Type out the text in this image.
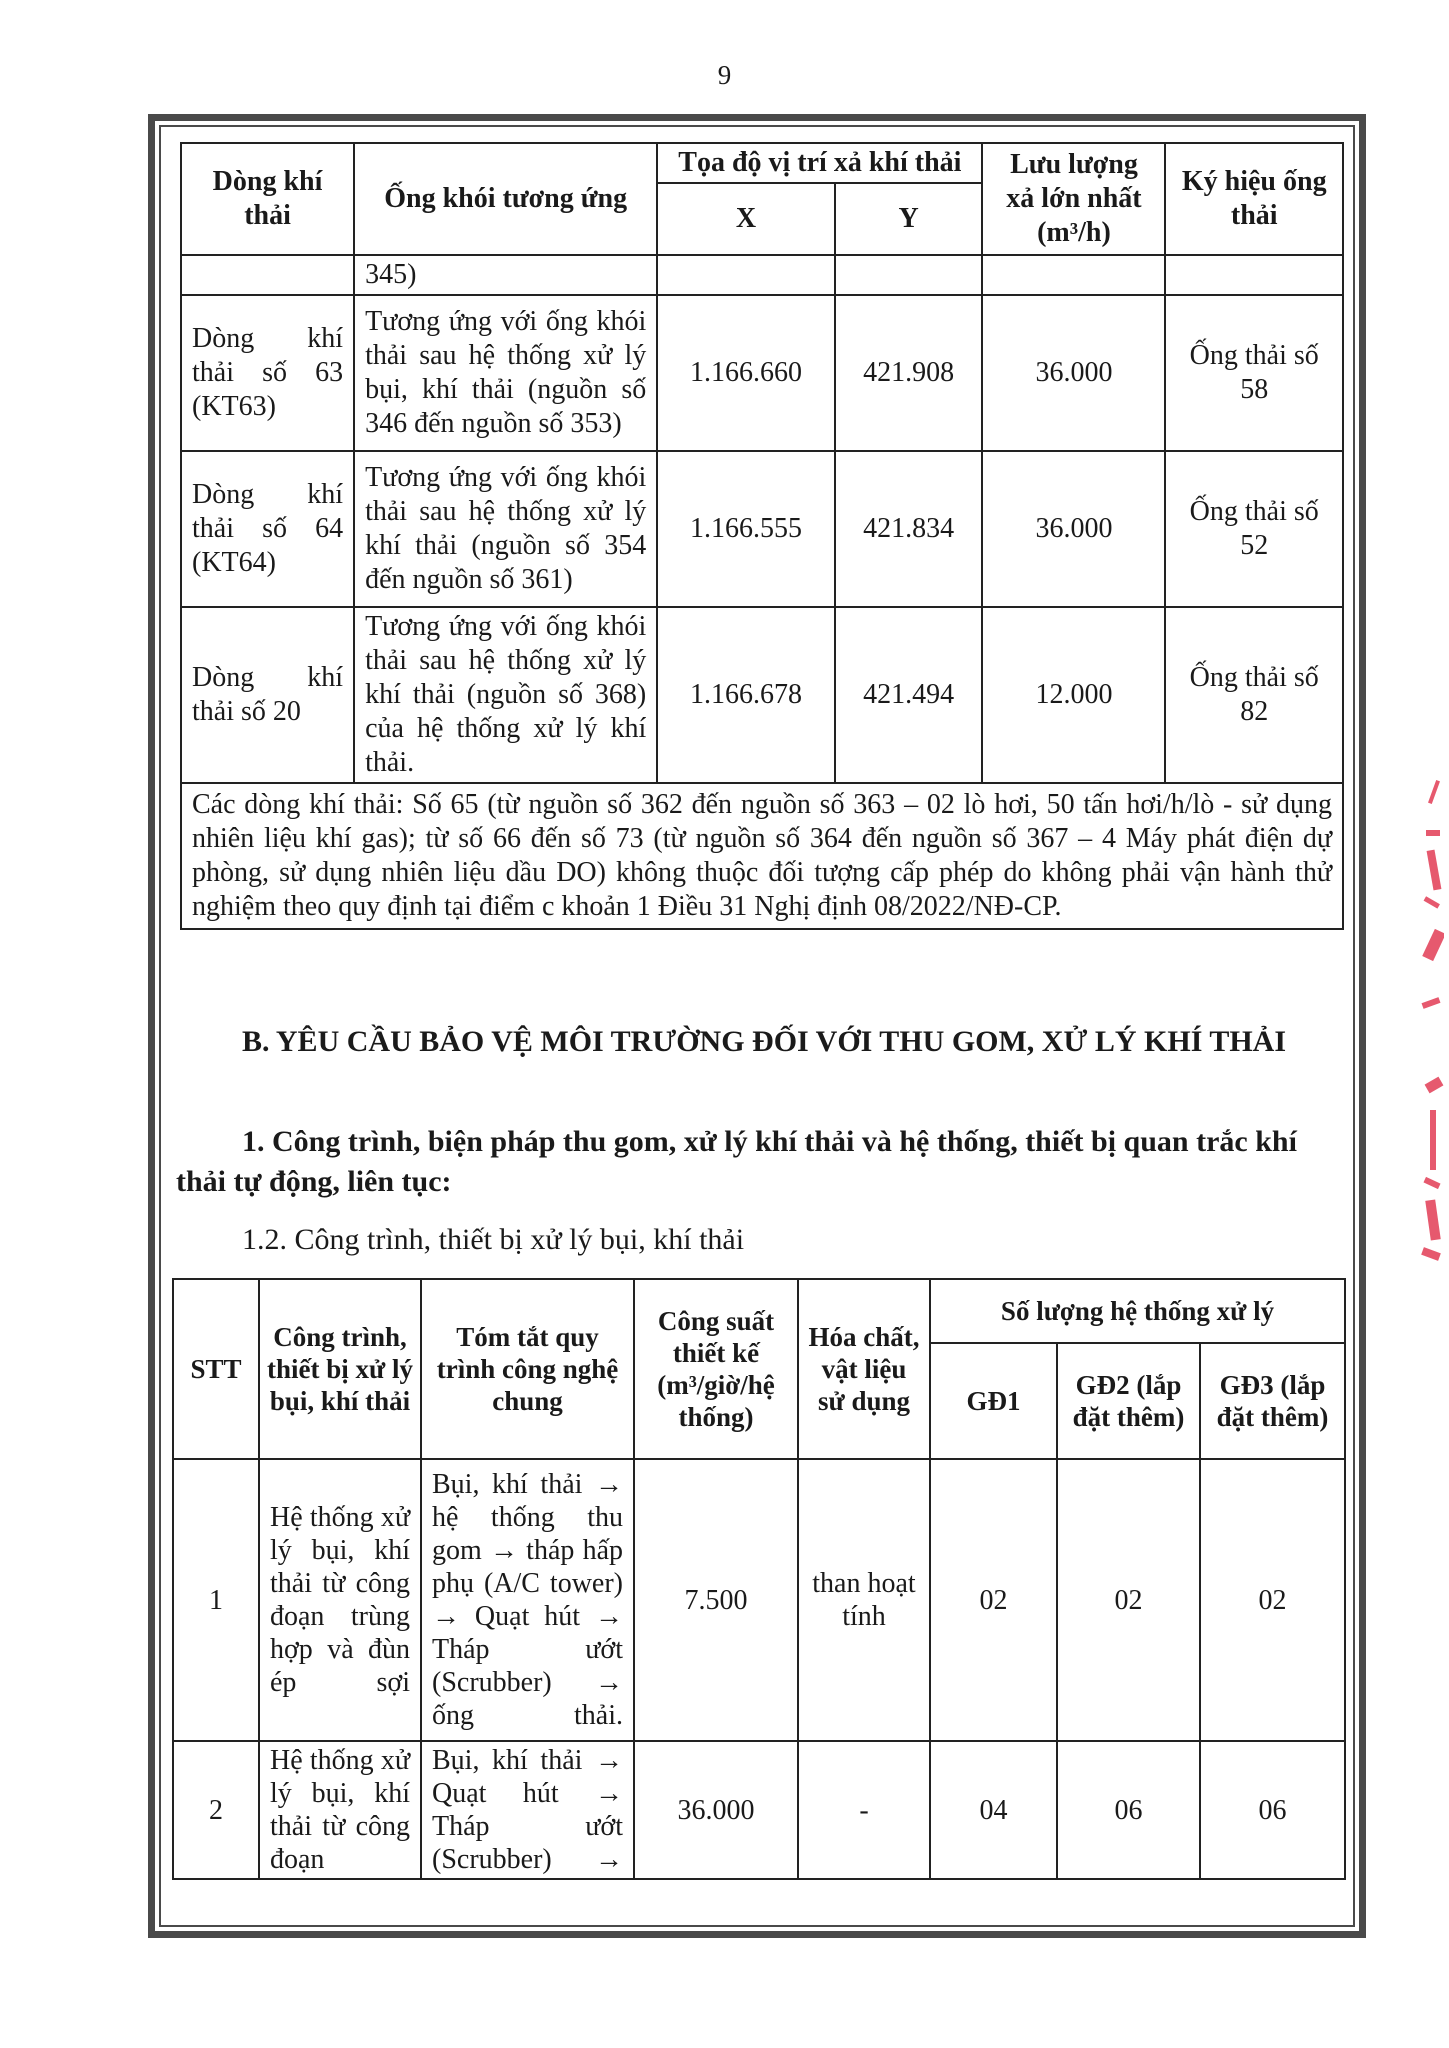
9
Dòng khí thải	Ống khói tương ứng	Tọa độ vị trí xả khí thải		Lưu lượng xả lớn nhất (m³/h)	Ký hiệu ống thải
		X	Y		
	345)				
Dòng khí thải số 63 (KT63)	Tương ứng với ống khói thải sau hệ thống xử lý bụi, khí thải (nguồn số 346 đến nguồn số 353)	1.166.660	421.908	36.000	Ống thải số 58
Dòng khí thải số 64 (KT64)	Tương ứng với ống khói thải sau hệ thống xử lý khí thải (nguồn số 354 đến nguồn số 361)	1.166.555	421.834	36.000	Ống thải số 52
Dòng khí thải số 20	Tương ứng với ống khói thải sau hệ thống xử lý khí thải (nguồn số 368) của hệ thống xử lý khí thải.	1.166.678	421.494	12.000	Ống thải số 82
Các dòng khí thải: Số 65 (từ nguồn số 362 đến nguồn số 363 – 02 lò hơi, 50 tấn hơi/h/lò - sử dụng nhiên liệu khí gas); từ số 66 đến số 73 (từ nguồn số 364 đến nguồn số 367 – 4 Máy phát điện dự phòng, sử dụng nhiên liệu dầu DO) không thuộc đối tượng cấp phép do không phải vận hành thử nghiệm theo quy định tại điểm c khoản 1 Điều 31 Nghị định 08/2022/NĐ-CP.					
B. YÊU CẦU BẢO VỆ MÔI TRƯỜNG ĐỐI VỚI THU GOM, XỬ LÝ KHÍ THẢI
1. Công trình, biện pháp thu gom, xử lý khí thải và hệ thống, thiết bị quan trắc khí thải tự động, liên tục:
1.2. Công trình, thiết bị xử lý bụi, khí thải
STT	Công trình, thiết bị xử lý bụi, khí thải	Tóm tắt quy trình công nghệ chung	Công suất thiết kế (m³/giờ/hệ thống)	Hóa chất, vật liệu sử dụng	Số lượng hệ thống xử lý		
					GĐ1	GĐ2 (lắp đặt thêm)	GĐ3 (lắp đặt thêm)
1	Hệ thống xử lý bụi, khí thải từ công đoạn trùng hợp và đùn ép sợi	Bụi, khí thải → hệ thống thu gom → tháp hấp phụ (A/C tower) → Quạt hút → Tháp ướt (Scrubber) → ống thải.	7.500	than hoạt tính	02	02	02
2	Hệ thống xử lý bụi, khí thải từ công đoạn	Bụi, khí thải → Quạt hút → Tháp ướt (Scrubber) →	36.000	-	04	06	06
